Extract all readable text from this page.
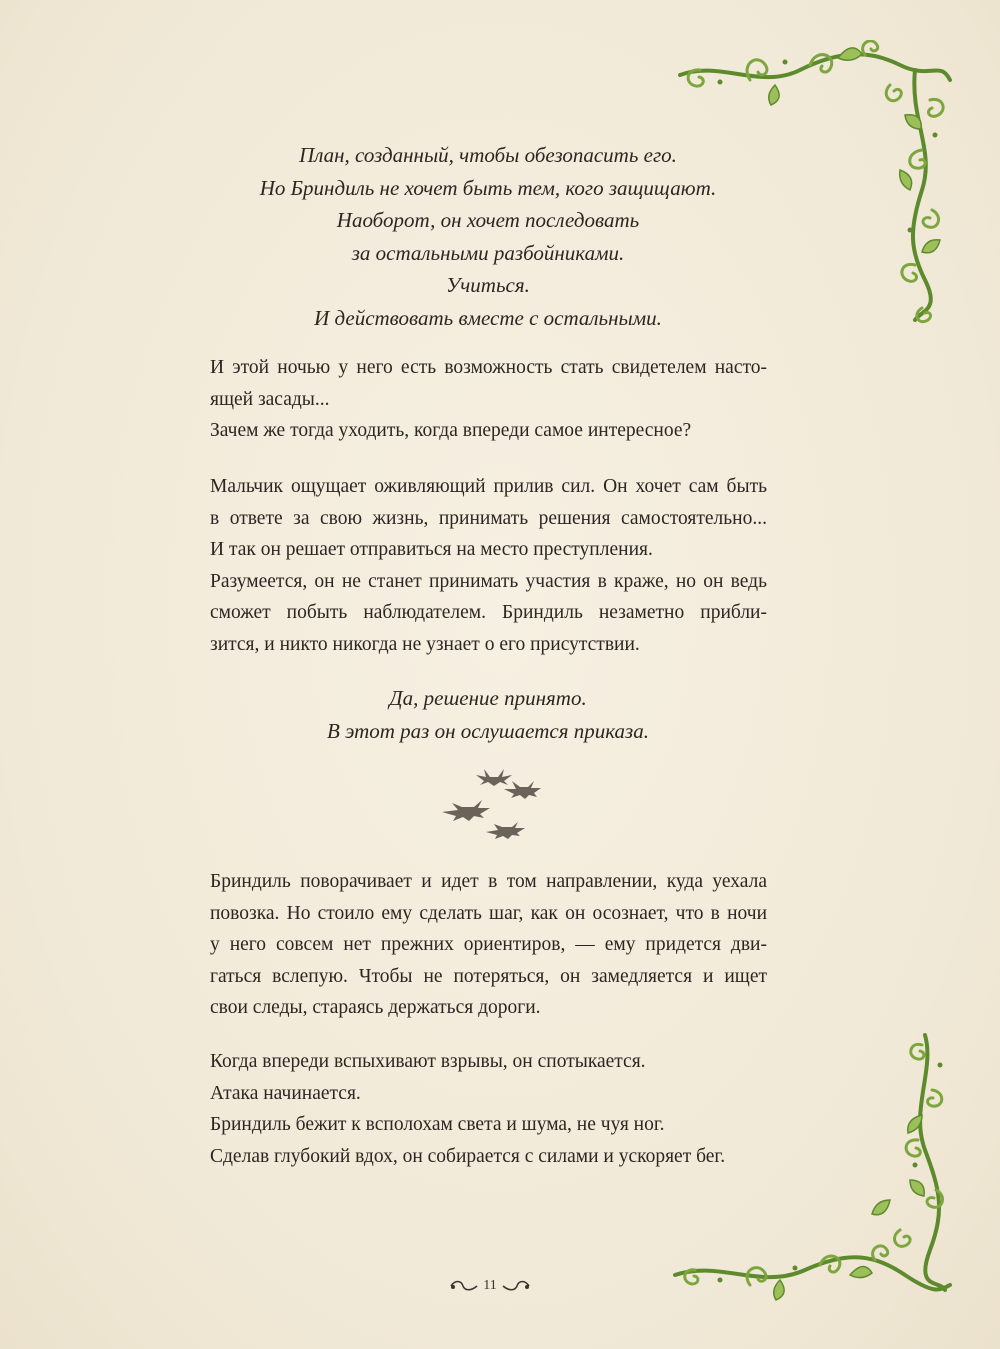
План, созданный, чтобы обезопасить его.
Но Бриндиль не хочет быть тем, кого защищают.
Наоборот, он хочет последовать
за остальными разбойниками.
Учиться.
И действовать вместе с остальными.
И этой ночью у него есть возможность стать свидетелем насто-
ящей засады...
Зачем же тогда уходить, когда впереди самое интересное?
Мальчик ощущает оживляющий прилив сил. Он хочет сам быть
в ответе за свою жизнь, принимать решения самостоятельно...
И так он решает отправиться на место преступления.
Разумеется, он не станет принимать участия в краже, но он ведь
сможет побыть наблюдателем. Бриндиль незаметно прибли-
зится, и никто никогда не узнает о его присутствии.
Да, решение принято.
В этот раз он ослушается приказа.
Бриндиль поворачивает и идет в том направлении, куда уехала
повозка. Но стоило ему сделать шаг, как он осознает, что в ночи
у него совсем нет прежних ориентиров, — ему придется дви-
гаться вслепую. Чтобы не потеряться, он замедляется и ищет
свои следы, стараясь держаться дороги.
Когда впереди вспыхивают взрывы, он спотыкается.
Атака начинается.
Бриндиль бежит к всполохам света и шума, не чуя ног.
Сделав глубокий вдох, он собирается с силами и ускоряет бег.
11
